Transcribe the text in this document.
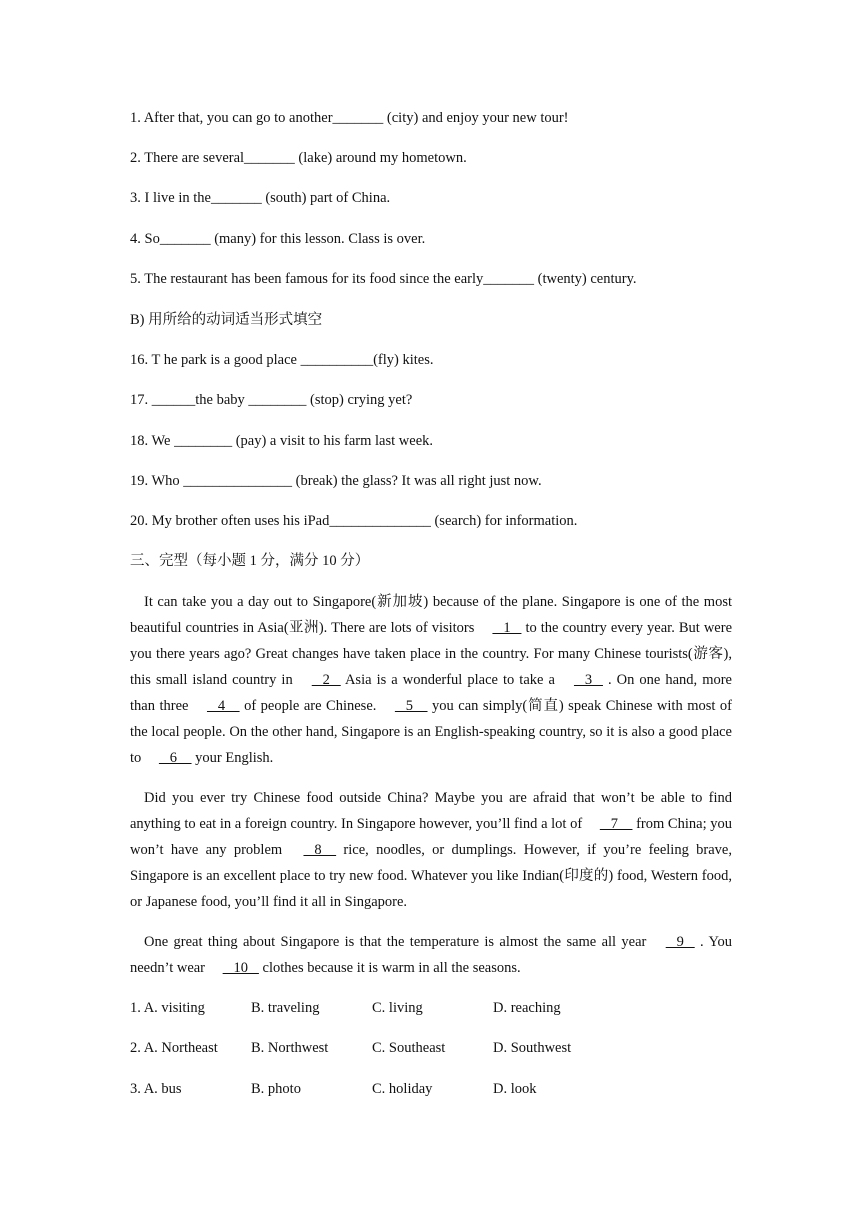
1. After that, you can go to another_______ (city) and enjoy your new tour!
2. There are several_______ (lake) around my hometown.
3. I live in the_______ (south) part of China.
4. So_______ (many) for this lesson. Class is over.
5. The restaurant has been famous for its food since the early_______ (twenty) century.
B) 用所给的动词适当形式填空
16. T he park is a good place __________(fly) kites.
17. ______the baby ________ (stop) crying yet?
18. We ________ (pay) a visit to his farm last week.
19. Who _______________ (break) the glass? It was all right just now.
20. My brother often uses his iPad______________ (search) for information.
三、完型（每小题 1 分，满分 10 分）
It can take you a day out to Singapore(新加坡) because of the plane. Singapore is one of the most beautiful countries in Asia(亚洲). There are lots of visitors    1    to the country every year. But were you there years ago? Great changes have taken place in the country. For many Chinese tourists(游客), this small island country in    2    Asia is a wonderful place to take a    3    . On one hand, more than three    4     of people are Chinese.    5     you can simply(简直) speak Chinese with most of the local people. On the other hand, Singapore is an English-speaking country, so it is also a good place to    6     your English.
Did you ever try Chinese food outside China? Maybe you are afraid that won’t be able to find anything to eat in a foreign country. In Singapore however, you’ll find a lot of    7     from China; you won’t have any problem    8     rice, noodles, or dumplings. However, if you’re feeling brave, Singapore is an excellent place to try new food. Whatever you like Indian(印度的) food, Western food, or Japanese food, you’ll find it all in Singapore.
One great thing about Singapore is that the temperature is almost the same all year    9    . You needn’t wear    10    clothes because it is warm in all the seasons.
1. A. visiting	B. traveling	C. living	D. reaching
2. A. Northeast	B. Northwest	C. Southeast	D. Southwest
3. A. bus	B. photo	C. holiday	D. look
